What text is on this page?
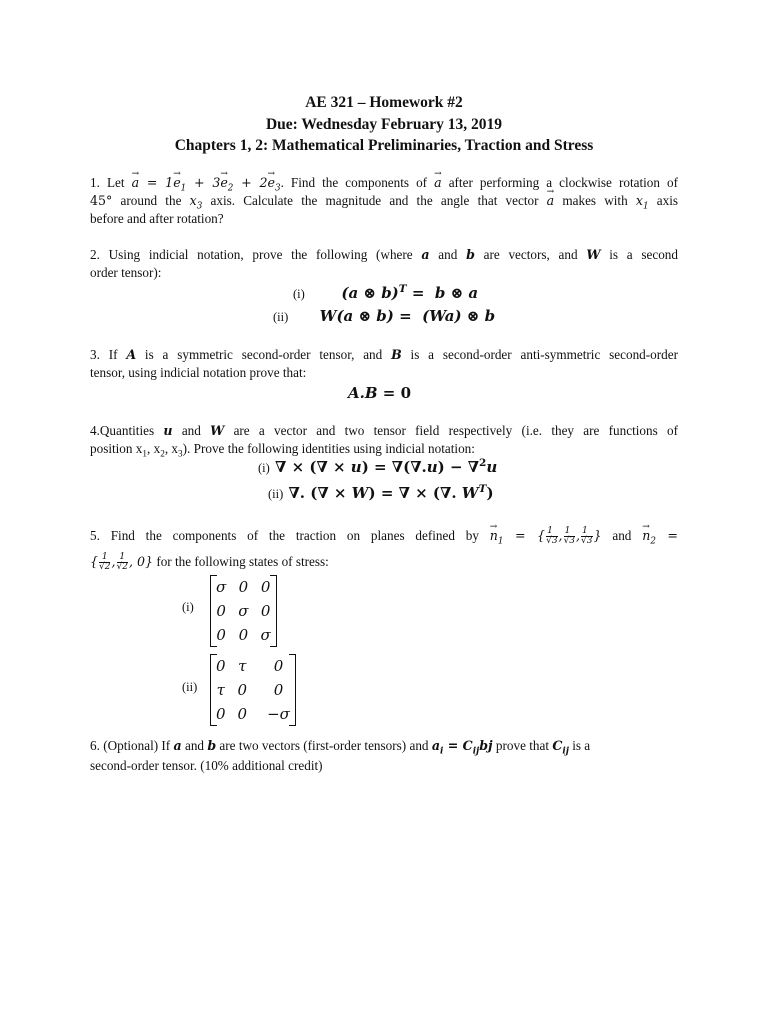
AE 321 – Homework #2
Due: Wednesday February 13, 2019
Chapters 1, 2: Mathematical Preliminaries, Traction and Stress
1. Let → $a = 1\to e_1 + 3\to e_2 + 2\to e_3$. Find the components of → a after performing a clockwise rotation of
45° around the $x_3$ axis. Calculate the magnitude and the angle that vector → a makes with $x_1$ axis
before and after rotation?
2. Using indicial notation, prove the following (where a and b are vectors, and W is a second
order tensor):
(i)       (a ⊗ b)$^T$ =  b ⊗ a
(ii)      W(a ⊗ b) =  (Wa) ⊗ b
3. If A is a symmetric second-order tensor, and B is a second-order anti-symmetric second-order
tensor, using indicial notation prove that:
A.B = 0
4.Quantities u and W are a vector and two tensor field respectively (i.e. they are functions of
position $x_1$, $x_2$, $x_3$). Prove the following identities using indicial notation:
(i) ∇ × (∇ × u) = ∇(∇.u) − ∇$^2$u
(ii) ∇. (∇ × W) = ∇ × (∇. $W^T$)
5. Find the components of the traction on planes defined by → $n_1$ = { $\frac{1}{√3}$ , $\frac{1}{√3}$ , $\frac{1}{√3}$ } and → $n_2$ =
{ $\frac{1}{√2}$ , $\frac{1}{√2}$ , 0} for the following states of stress:
(i)
σ	0	0
0	σ	0
0	0	σ
(ii)
0	τ	0
τ	0	0
0	0	−σ
6. (Optional) If a and b are two vectors (first-order tensors) and $a_i = C_{ij}bj$ prove that $C_{ij}$ is a
second-order tensor. (10% additional credit)
